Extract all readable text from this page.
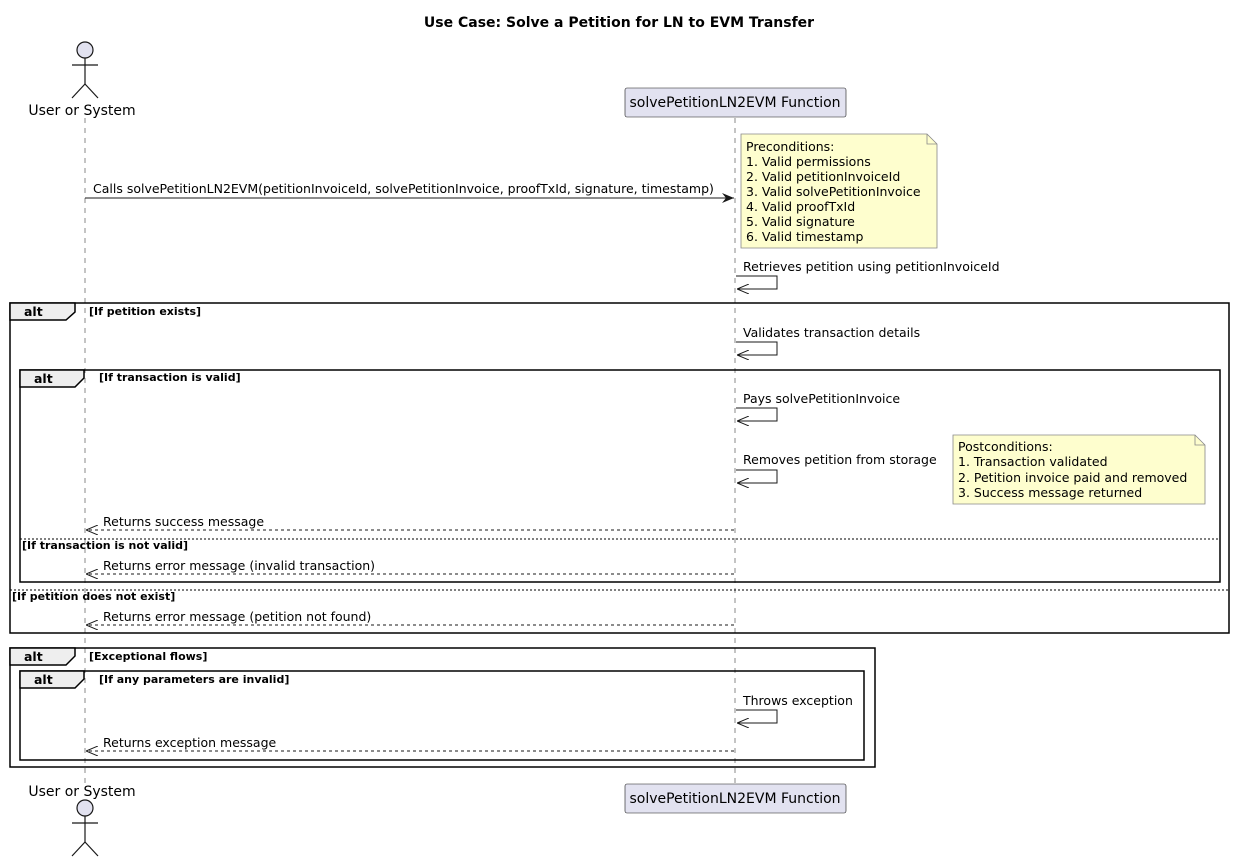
Use Case: Solve a Petition for LN to EVM Transfer
User or System	solvePetitionLN2EVM Function
Preconditions:
1. Valid permissions
2. Valid petitionInvoiceId
3. Valid solvePetitionInvoice
4. Valid proofTxId
5. Valid signature
6. Valid timestamp
Calls solvePetitionLN2EVM(petitionInvoiceId, solvePetitionInvoice, proofTxId, signature, timestamp)
Retrieves petition using petitionInvoiceId
alt	[If petition exists]
[If petition does not exist]
Validates transaction details
alt	[If transaction is valid]
[If transaction is not valid]
Pays solvePetitionInvoice
Removes petition from storage
Postconditions:
1. Transaction validated
2. Petition invoice paid and removed
3. Success message returned
Returns success message
Returns error message (invalid transaction)
Returns error message (petition not found)
alt	[Exceptional flows]
alt	[If any parameters are invalid]
Throws exception
Returns exception message
User or System	solvePetitionLN2EVM Function
